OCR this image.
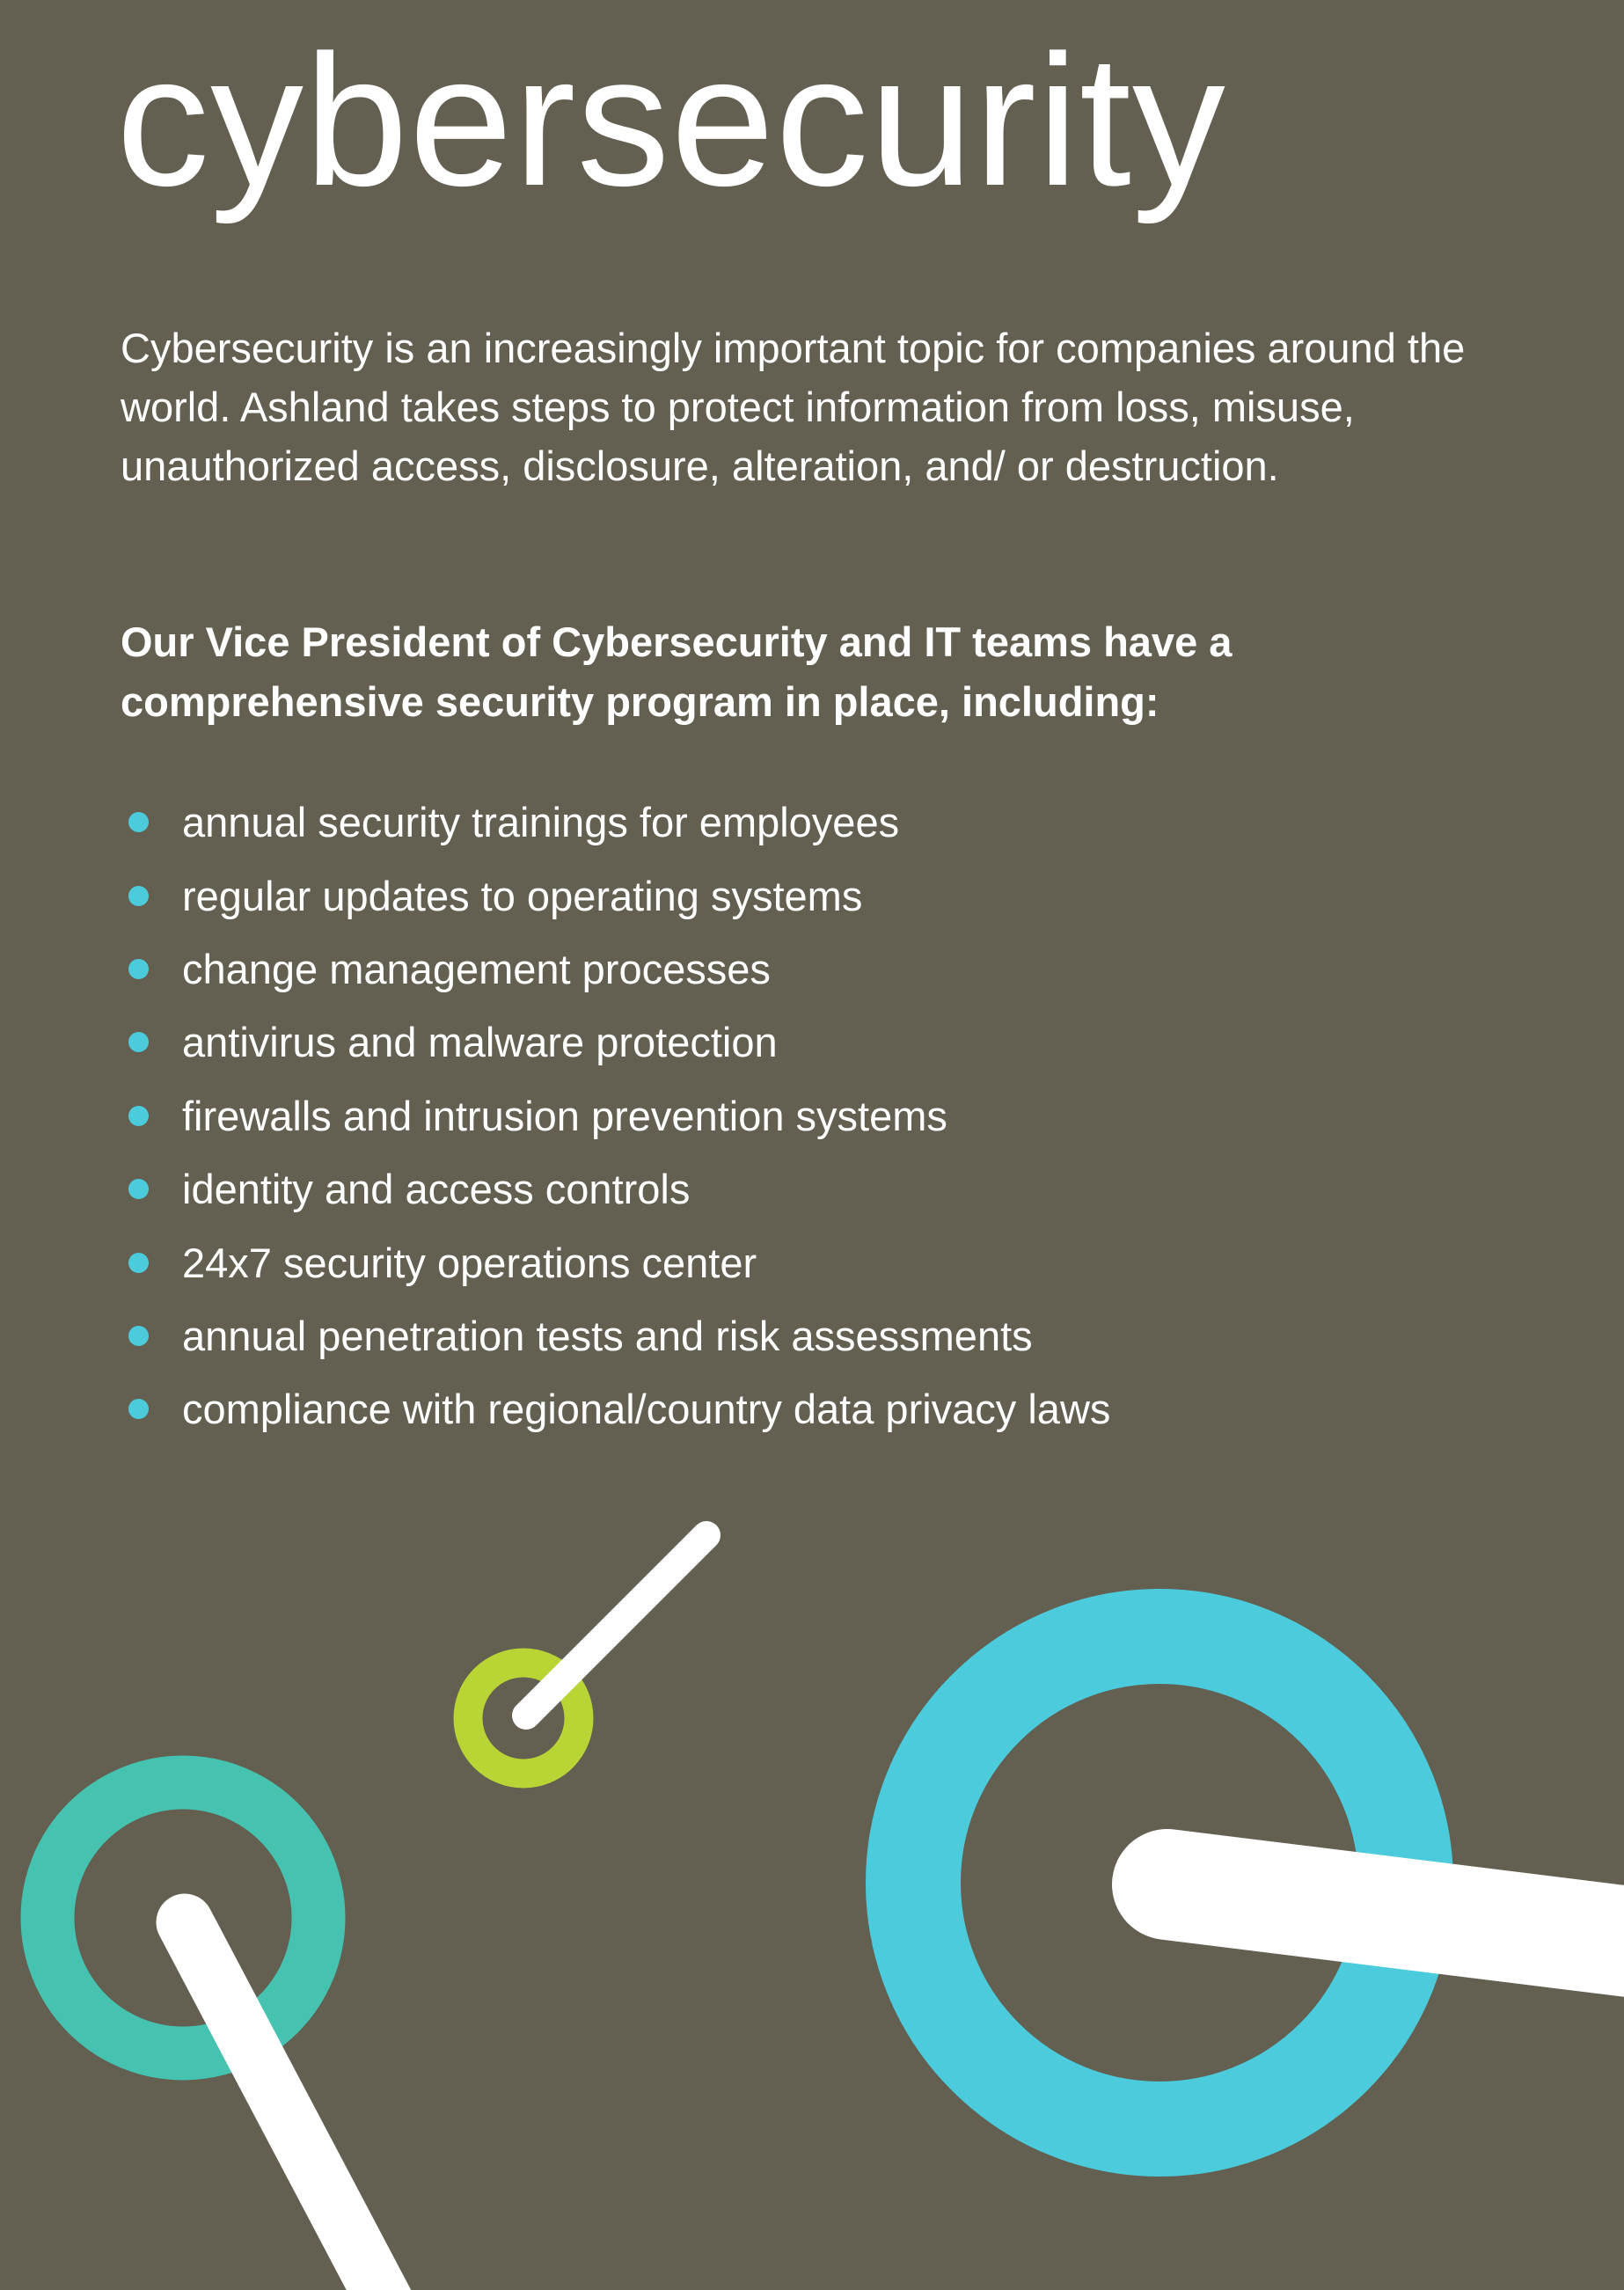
cybersecurity

Cybersecurity is an increasingly important topic for companies around the world. Ashland takes steps to protect information from loss, misuse, unauthorized access, disclosure, alteration, and/ or destruction.

Our Vice President of Cybersecurity and IT teams have a comprehensive security program in place, including:

annual security trainings for employees
regular updates to operating systems
change management processes
antivirus and malware protection
firewalls and intrusion prevention systems
identity and access controls
24x7 security operations center
annual penetration tests and risk assessments
compliance with regional/country data privacy laws
